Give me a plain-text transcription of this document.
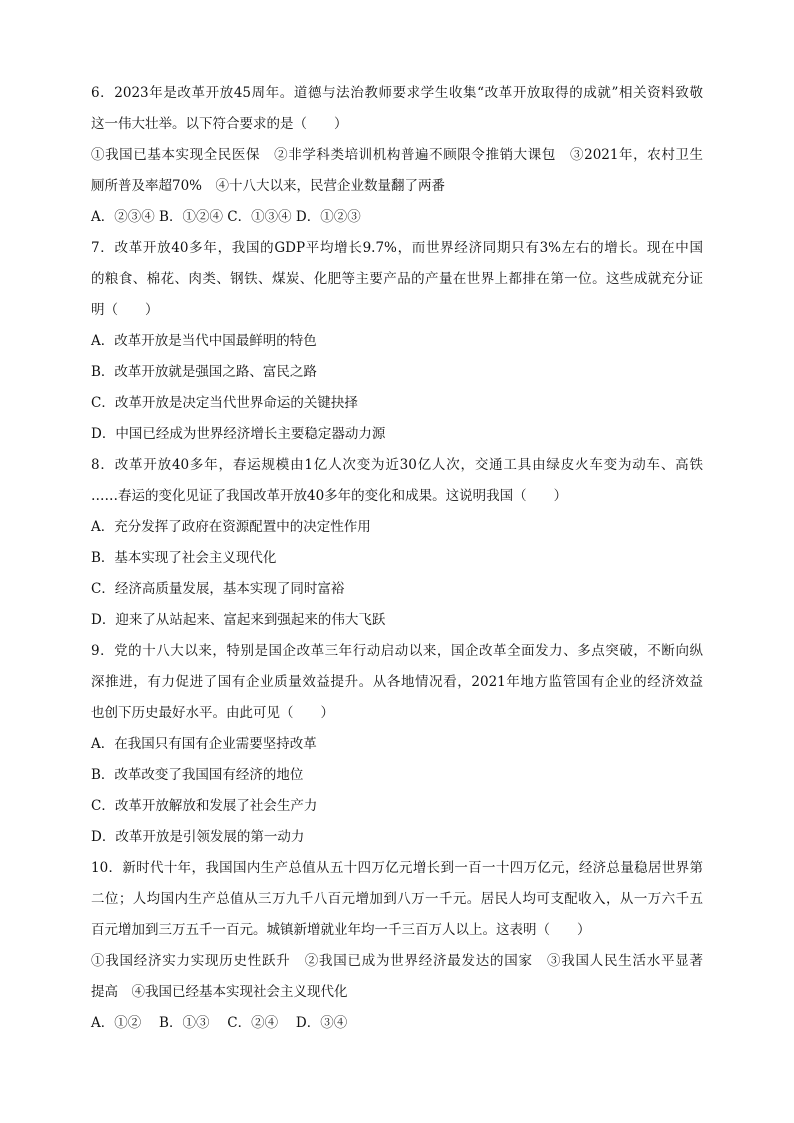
6．2023年是改革开放45周年。道德与法治教师要求学生收集“改革开放取得的成就”相关资料致敬
这一伟大壮举。以下符合要求的是（　　）
①我国已基本实现全民医保　②非学科类培训机构普遍不顾限令推销大课包　③2021年，农村卫生
厕所普及率超70%　④十八大以来，民营企业数量翻了两番
A．②③④ B．①②④ C．①③④ D．①②③
7．改革开放40多年，我国的GDP平均增长9.7%，而世界经济同期只有3%左右的增长。现在中国
的粮食、棉花、肉类、钢铁、煤炭、化肥等主要产品的产量在世界上都排在第一位。这些成就充分证
明（　　）
A．改革开放是当代中国最鲜明的特色
B．改革开放就是强国之路、富民之路
C．改革开放是决定当代世界命运的关键抉择
D．中国已经成为世界经济增长主要稳定器动力源
8．改革开放40多年，春运规模由1亿人次变为近30亿人次，交通工具由绿皮火车变为动车、高铁
……春运的变化见证了我国改革开放40多年的变化和成果。这说明我国（　　）
A．充分发挥了政府在资源配置中的决定性作用
B．基本实现了社会主义现代化
C．经济高质量发展，基本实现了同时富裕
D．迎来了从站起来、富起来到强起来的伟大飞跃
9．党的十八大以来，特别是国企改革三年行动启动以来，国企改革全面发力、多点突破，不断向纵
深推进，有力促进了国有企业质量效益提升。从各地情况看，2021年地方监管国有企业的经济效益
也创下历史最好水平。由此可见（　　）
A．在我国只有国有企业需要坚持改革
B．改革改变了我国国有经济的地位
C．改革开放解放和发展了社会生产力
D．改革开放是引领发展的第一动力
10．新时代十年，我国国内生产总值从五十四万亿元增长到一百一十四万亿元，经济总量稳居世界第
二位；人均国内生产总值从三万九千八百元增加到八万一千元。居民人均可支配收入，从一万六千五
百元增加到三万五千一百元。城镇新增就业年均一千三百万人以上。这表明（　　）
①我国经济实力实现历史性跃升　②我国已成为世界经济最发达的国家　③我国人民生活水平显著
提高　④我国已经基本实现社会主义现代化
A．①②　 B．①③　 C．②④　 D．③④
